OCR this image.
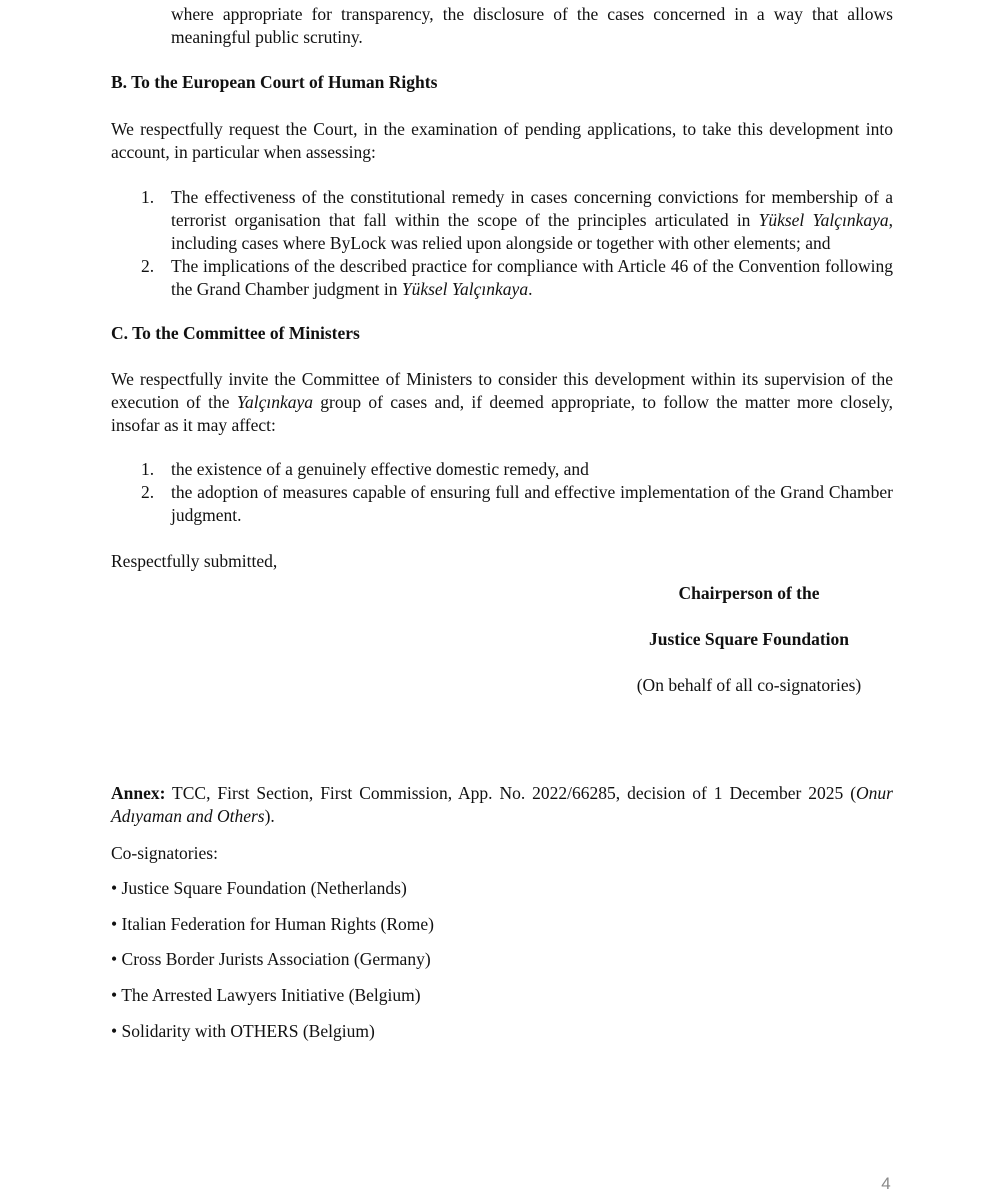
where appropriate for transparency, the disclosure of the cases concerned in a way that allows meaningful public scrutiny.

B. To the European Court of Human Rights

We respectfully request the Court, in the examination of pending applications, to take this development into account, in particular when assessing:

1. The effectiveness of the constitutional remedy in cases concerning convictions for membership of a terrorist organisation that fall within the scope of the principles articulated in Yüksel Yalçınkaya, including cases where ByLock was relied upon alongside or together with other elements; and
2. The implications of the described practice for compliance with Article 46 of the Convention following the Grand Chamber judgment in Yüksel Yalçınkaya.

C. To the Committee of Ministers

We respectfully invite the Committee of Ministers to consider this development within its supervision of the execution of the Yalçınkaya group of cases and, if deemed appropriate, to follow the matter more closely, insofar as it may affect:

1. the existence of a genuinely effective domestic remedy, and
2. the adoption of measures capable of ensuring full and effective implementation of the Grand Chamber judgment.

Respectfully submitted,

Chairperson of the

Justice Square Foundation

(On behalf of all co-signatories)

Annex: TCC, First Section, First Commission, App. No. 2022/66285, decision of 1 December 2025 (Onur Adıyaman and Others).

Co-signatories:

• Justice Square Foundation (Netherlands)

• Italian Federation for Human Rights (Rome)

• Cross Border Jurists Association (Germany)

• The Arrested Lawyers Initiative (Belgium)

• Solidarity with OTHERS (Belgium)

4
